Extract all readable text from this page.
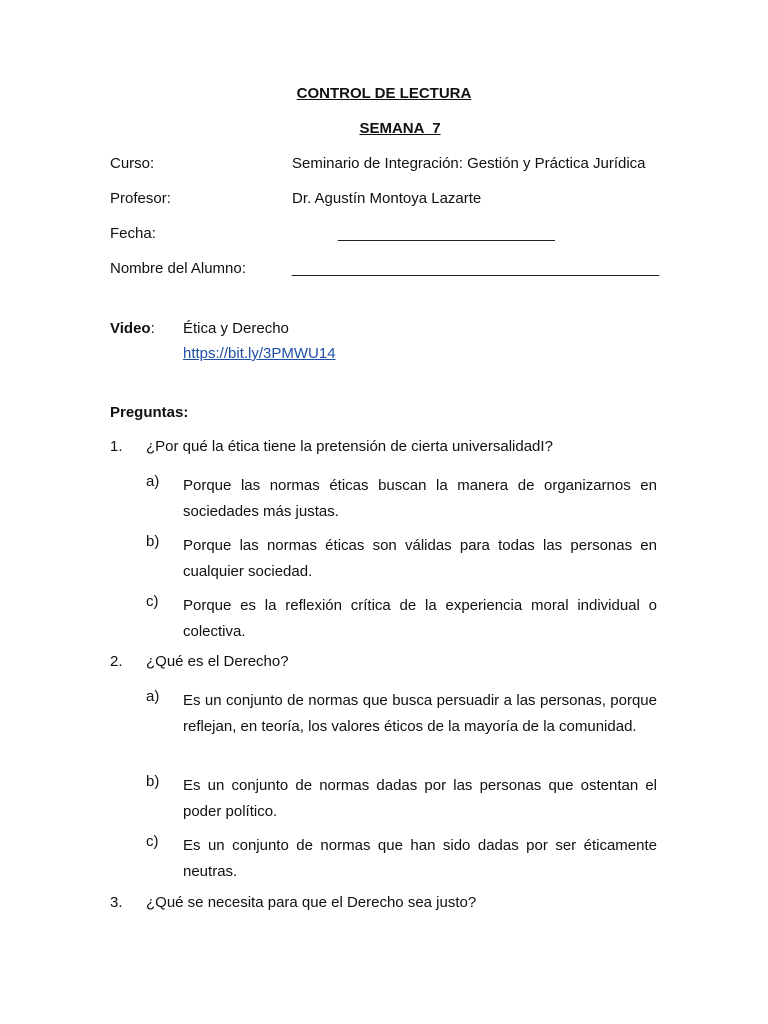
CONTROL DE LECTURA
SEMANA  7
Curso:	Seminario de Integración: Gestión y Práctica Jurídica
Profesor:	Dr. Agustín Montoya Lazarte
Fecha:	__________________________
Nombre del Alumno:	____________________________________________
Video: Ética y Derecho
https://bit.ly/3PMWU14
Preguntas:
1. ¿Por qué la ética tiene la pretensión de cierta universalidadI?
a) Porque las normas éticas buscan la manera de organizarnos en sociedades más justas.
b) Porque las normas éticas son válidas para todas las personas en cualquier sociedad.
c) Porque es la reflexión crítica de la experiencia moral individual o colectiva.
2. ¿Qué es el Derecho?
a) Es un conjunto de normas que busca persuadir a las personas, porque reflejan, en teoría, los valores éticos de la mayoría de la comunidad.
b) Es un conjunto de normas dadas por las personas que ostentan el poder político.
c) Es un conjunto de normas que han sido dadas por ser éticamente neutras.
3. ¿Qué se necesita para que el Derecho sea justo?
